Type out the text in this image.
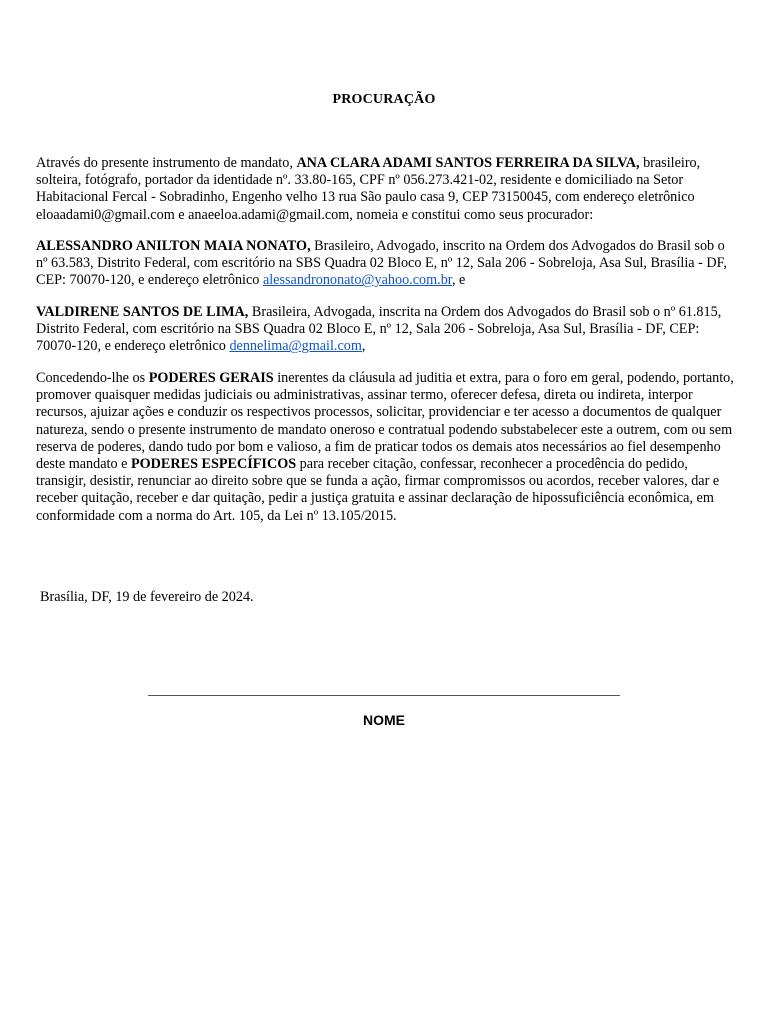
PROCURAÇÃO

Através do presente instrumento de mandato, ANA CLARA ADAMI SANTOS FERREIRA DA SILVA, brasileiro, solteira, fotógrafo, portador da identidade nº. 33.80-165, CPF nº 056.273.421-02, residente e domiciliado na Setor Habitacional Fercal - Sobradinho, Engenho velho 13 rua São paulo casa 9, CEP 73150045, com endereço eletrônico eloaadami0@gmail.com e anaeeloa.adami@gmail.com, nomeia e constitui como seus procurador:

ALESSANDRO ANILTON MAIA NONATO, Brasileiro, Advogado, inscrito na Ordem dos Advogados do Brasil sob o nº 63.583, Distrito Federal, com escritório na SBS Quadra 02 Bloco E, nº 12, Sala 206 - Sobreloja, Asa Sul, Brasília - DF, CEP: 70070-120, e endereço eletrônico alessandrononato@yahoo.com.br, e

VALDIRENE SANTOS DE LIMA, Brasileira, Advogada, inscrita na Ordem dos Advogados do Brasil sob o nº 61.815, Distrito Federal, com escritório na SBS Quadra 02 Bloco E, nº 12, Sala 206 - Sobreloja, Asa Sul, Brasília - DF, CEP: 70070-120, e endereço eletrônico dennelima@gmail.com,

Concedendo-lhe os PODERES GERAIS inerentes da cláusula ad juditia et extra, para o foro em geral, podendo, portanto, promover quaisquer medidas judiciais ou administrativas, assinar termo, oferecer defesa, direta ou indireta, interpor recursos, ajuizar ações e conduzir os respectivos processos, solicitar, providenciar e ter acesso a documentos de qualquer natureza, sendo o presente instrumento de mandato oneroso e contratual podendo substabelecer este a outrem, com ou sem reserva de poderes, dando tudo por bom e valioso, a fim de praticar todos os demais atos necessários ao fiel desempenho deste mandato e PODERES ESPECÍFICOS para receber citação, confessar, reconhecer a procedência do pedido, transigir, desistir, renunciar ao direito sobre que se funda a ação, firmar compromissos ou acordos, receber valores, dar e receber quitação, receber e dar quitação, pedir a justiça gratuita e assinar declaração de hipossuficiência econômica, em conformidade com a norma do Art. 105, da Lei nº 13.105/2015.

Brasília, DF, 19 de fevereiro de 2024.
NOME
